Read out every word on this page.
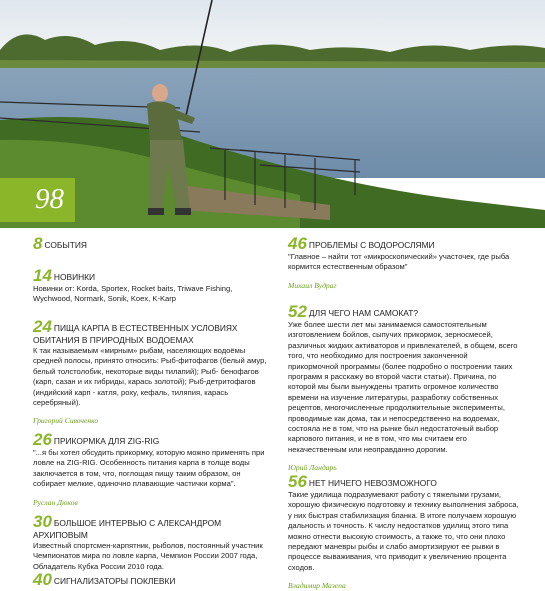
98
8 СОБЫТИЯ
14 НОВИНКИ
Новинки от: Korda, Sportex, Rocket baits, Triwave Fishing, Wychwood, Normark, Sonik, Koex, K-Karp
24 ПИЩА КАРПА В ЕСТЕСТВЕННЫХ УСЛОВИЯХ ОБИТАНИЯ В ПРИРОДНЫХ ВОДОЕМАХ
К так называемым «мирным» рыбам, населяющих водоёмы средней полосы, принято относить: Рыб-фитофагов (белый амур, белый толстолобик, некоторые виды тилапий); Рыб- бенофагов (карп, сазан и их гибриды, карась золотой); Рыб-детритофагов (индийский карп - катля, рохy, кефаль, тиляпия, карась серебряный).
Григорий Сивоченко
26 ПРИКОРМКА ДЛЯ ZIG-RIG
"...я бы хотел обсудить прикормку, которую можно применять при ловле на ZIG-RIG. Особенность питания карпа в толще воды заключается в том, что, поглощая пищу таким образом, он собирает мелкие, одиночно плавающие частички корма".
Руслан Дюков
30 БОЛЬШОЕ ИНТЕРВЬЮ С АЛЕКСАНДРОМ АРХИПОВЫМ
Известный спортсмен-карпятник, рыболов, постоянный участник Чемпионатов мира по ловле карпа, Чемпион России 2007 года, Обладатель Кубка России 2010 года.
40 СИГНАЛИЗАТОРЫ ПОКЛЕВКИ
46 ПРОБЛЕМЫ С ВОДОРОСЛЯМИ
"Главное – найти тот «микроскопический» участочек, где рыба кормится естественным образом"
Михаил Вудраг
52 ДЛЯ ЧЕГО НАМ САМОКАТ?
Уже более шести лет мы занимаемся самостоятельным изготовлением бойлов, сыпучих прикормок, зерносмесей, различных жидких активаторов и привлекателей, в общем, всего того, что необходимо для построения законченной прикормочной программы (более подробно о построении таких программ я расскажу во второй части статьи). Причина, по которой мы были вынуждены тратить огромное количество времени на изучение литературы, разработку собственных рецептов, многочисленные продолжительные эксперименты, проводимые как дома, так и непосредственно на водоемах, состояла не в том, что на рынке был недостаточный выбор карпового питания, и не в том, что мы считаем его некачественным или неоправданно дорогим.
Юрий Ландарь
56 НЕТ НИЧЕГО НЕВОЗМОЖНОГО
Такие удилища подразумевают работу с тяжелыми грузами, хорошую физическую подготовку и технику выполнения заброса, у них быстрая стабилизация бланка. В итоге получаем хорошую дальность и точность. К числу недостатков удилищ этого типа можно отнести высокую стоимость, а также то, что они плохо передают маневры рыбы и слабо амортизируют ее рывки в процессе вываживания, что приводит к увеличению процента сходов.
Владимир Мазепа
